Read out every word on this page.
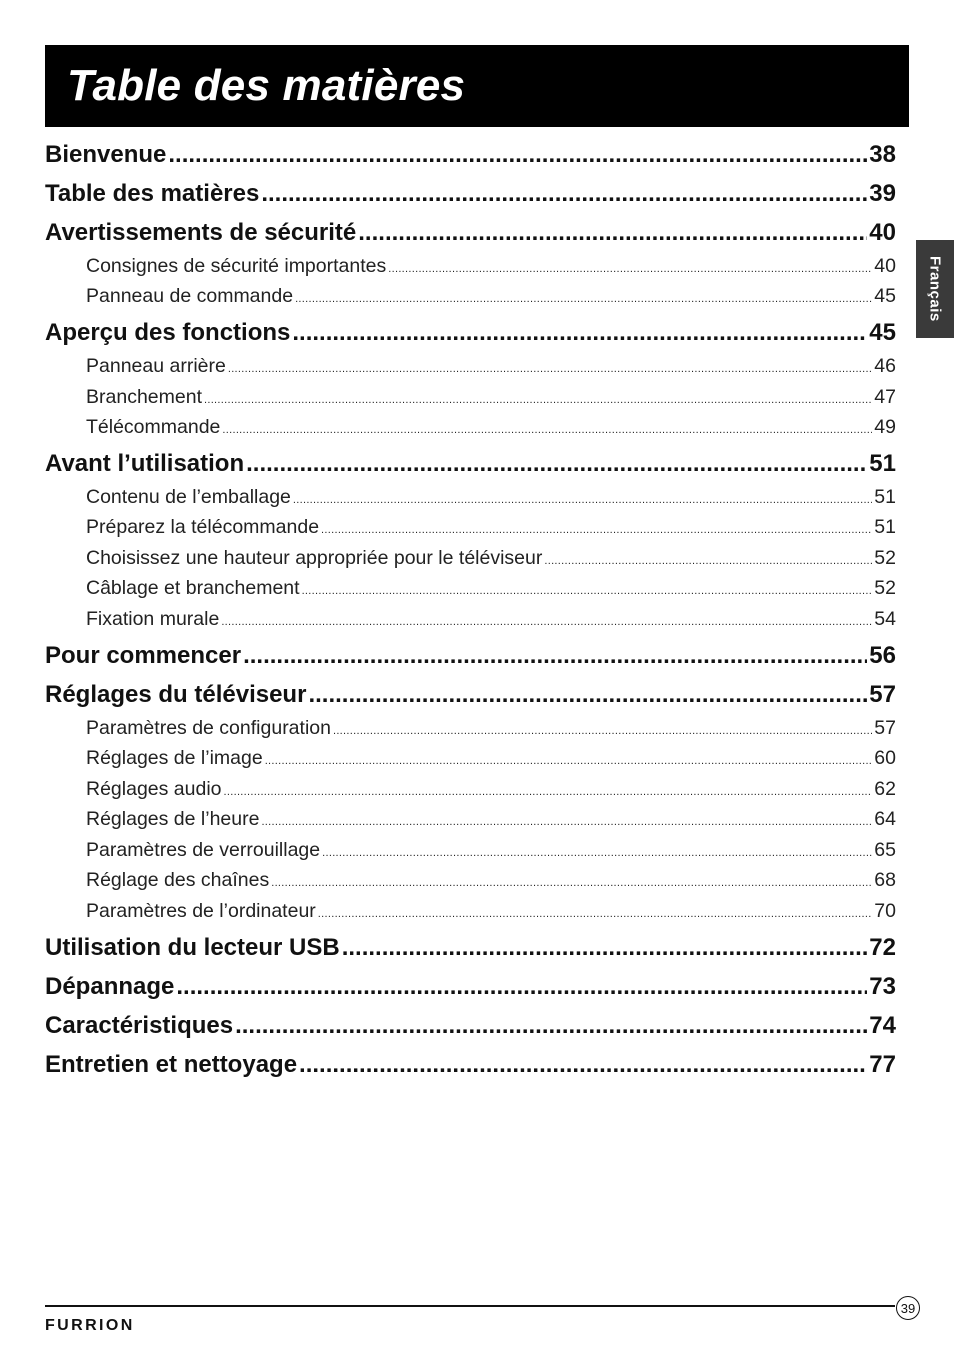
Table des matières
Français
Bienvenue .....	38
Table des matières .....	39
Avertissements de sécurité .....	40
Consignes de sécurité importantes .....	40
Panneau de commande .....	45
Aperçu des fonctions .....	45
Panneau arrière .....	46
Branchement .....	47
Télécommande .....	49
Avant l’utilisation .....	51
Contenu de l’emballage .....	51
Préparez la télécommande .....	51
Choisissez une hauteur appropriée pour le téléviseur .....	52
Câblage et branchement .....	52
Fixation murale .....	54
Pour commencer .....	56
Réglages du téléviseur .....	57
Paramètres de configuration .....	57
Réglages de l’image .....	60
Réglages audio .....	62
Réglages de l’heure .....	64
Paramètres de verrouillage .....	65
Réglage des chaînes .....	68
Paramètres de l’ordinateur .....	70
Utilisation du lecteur USB .....	72
Dépannage .....	73
Caractéristiques .....	74
Entretien et nettoyage .....	77
39
FURRION
